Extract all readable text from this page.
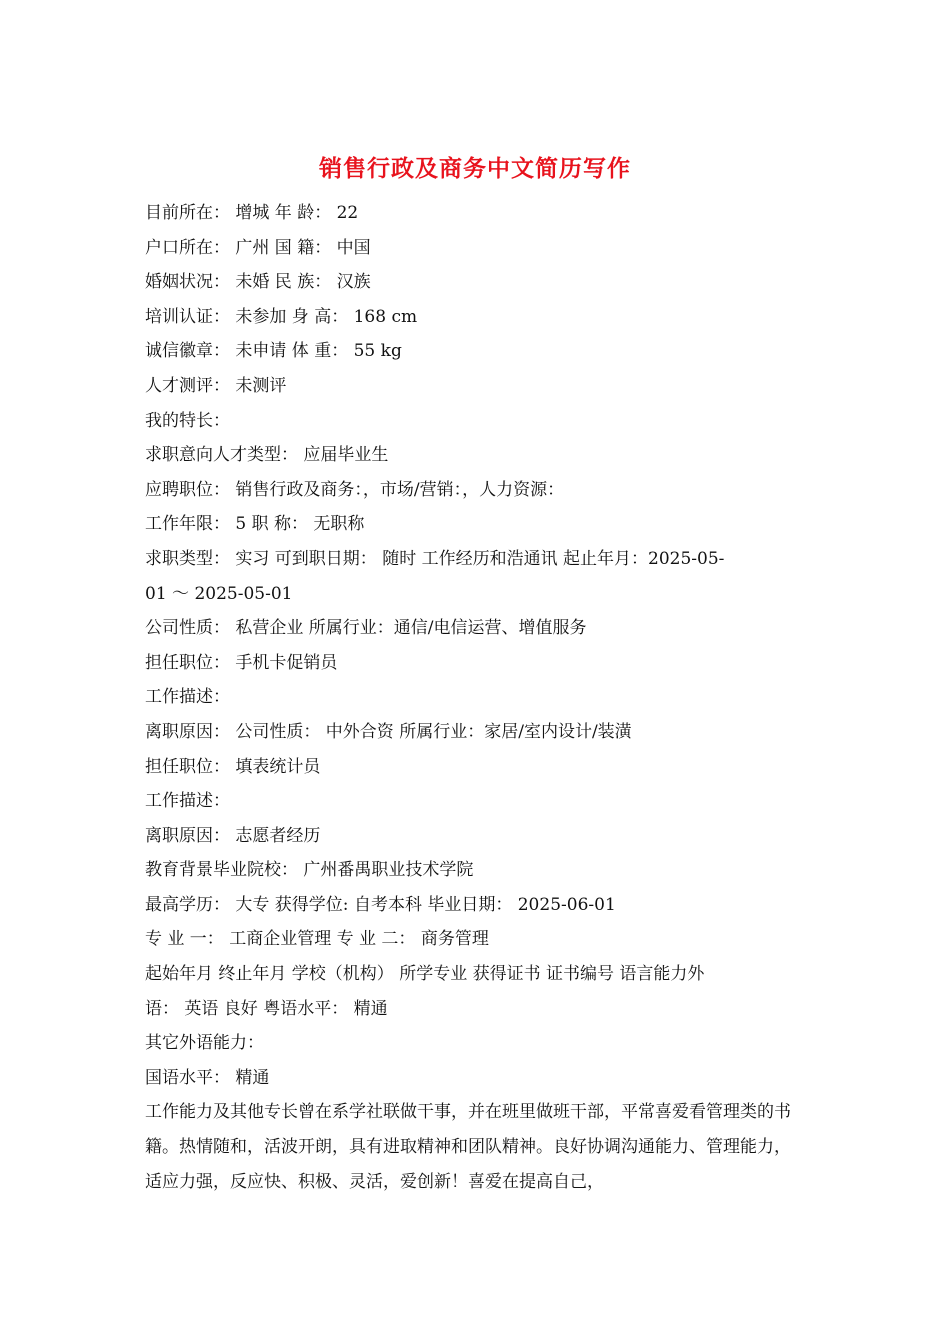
销售行政及商务中文简历写作
目前所在： 增城 年 龄： 22
户口所在： 广州 国 籍： 中国
婚姻状况： 未婚 民 族： 汉族
培训认证： 未参加 身 高： 168 cm
诚信徽章： 未申请 体 重： 55 kg
人才测评： 未测评
我的特长：
求职意向人才类型： 应届毕业生
应聘职位： 销售行政及商务：，市场/营销：，人力资源：
工作年限： 5 职 称： 无职称
求职类型： 实习 可到职日期： 随时 工作经历和浩通讯 起止年月：2025-05-
01 ～ 2025-05-01
公司性质： 私营企业 所属行业：通信/电信运营、增值服务
担任职位： 手机卡促销员
工作描述：
离职原因： 公司性质： 中外合资 所属行业：家居/室内设计/装潢
担任职位： 填表统计员
工作描述：
离职原因： 志愿者经历
教育背景毕业院校： 广州番禺职业技术学院
最高学历： 大专 获得学位: 自考本科 毕业日期： 2025-06-01
专 业 一： 工商企业管理 专 业 二： 商务管理
起始年月 终止年月 学校（机构） 所学专业 获得证书 证书编号 语言能力外
语： 英语 良好 粤语水平： 精通
其它外语能力：
国语水平： 精通
工作能力及其他专长曾在系学社联做干事，并在班里做班干部，平常喜爱看管理类的书籍。热情随和，活波开朗，具有进取精神和团队精神。良好协调沟通能力、管理能力，适应力强，反应快、积极、灵活，爱创新！喜爱在提高自己，
